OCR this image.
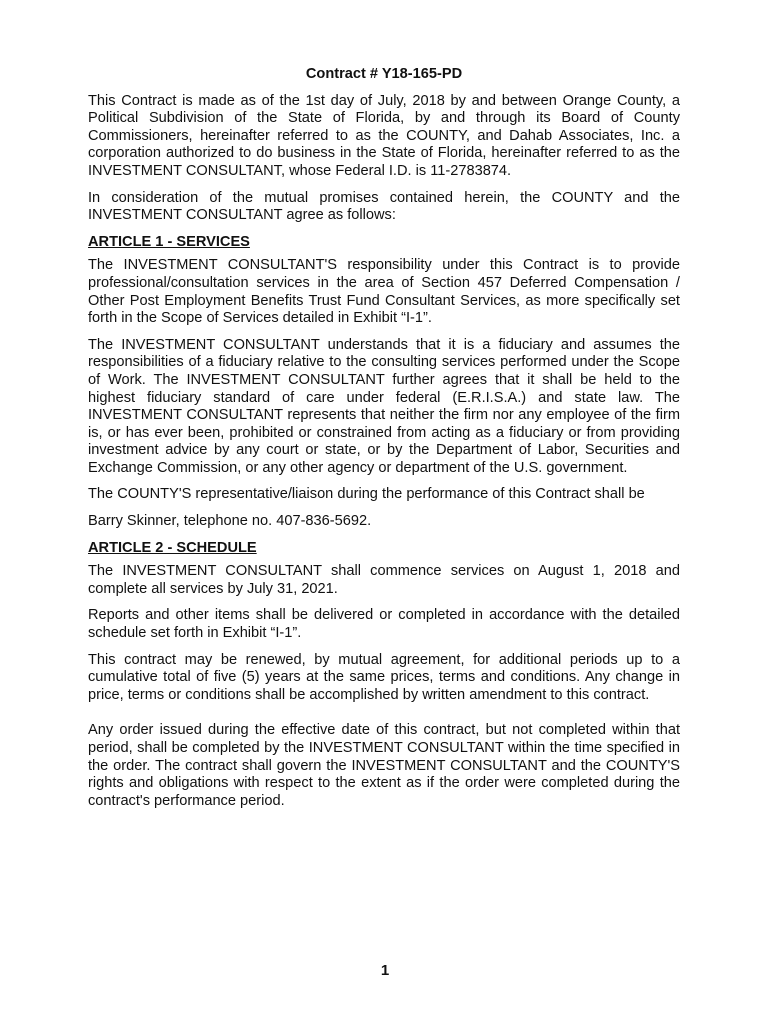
Contract # Y18-165-PD

This Contract is made as of the 1st day of July, 2018 by and between Orange County, a Political Subdivision of the State of Florida, by and through its Board of County Commissioners, hereinafter referred to as the COUNTY, and Dahab Associates, Inc. a corporation authorized to do business in the State of Florida, hereinafter referred to as the INVESTMENT CONSULTANT, whose Federal I.D. is 11-2783874.

In consideration of the mutual promises contained herein, the COUNTY and the INVESTMENT CONSULTANT agree as follows:

ARTICLE 1 - SERVICES

The INVESTMENT CONSULTANT'S responsibility under this Contract is to provide professional/consultation services in the area of Section 457 Deferred Compensation / Other Post Employment Benefits Trust Fund Consultant Services, as more specifically set forth in the Scope of Services detailed in Exhibit “I-1”.

The INVESTMENT CONSULTANT understands that it is a fiduciary and assumes the responsibilities of a fiduciary relative to the consulting services performed under the Scope of Work. The INVESTMENT CONSULTANT further agrees that it shall be held to the highest fiduciary standard of care under federal (E.R.I.S.A.) and state law. The INVESTMENT CONSULTANT represents that neither the firm nor any employee of the firm is, or has ever been, prohibited or constrained from acting as a fiduciary or from providing investment advice by any court or state, or by the Department of Labor, Securities and Exchange Commission, or any other agency or department of the U.S. government.

The COUNTY'S representative/liaison during the performance of this Contract shall be

Barry Skinner, telephone no. 407-836-5692.

ARTICLE 2 - SCHEDULE

The INVESTMENT CONSULTANT shall commence services on August 1, 2018 and complete all services by July 31, 2021.

Reports and other items shall be delivered or completed in accordance with the detailed schedule set forth in Exhibit “I-1”.

This contract may be renewed, by mutual agreement, for additional periods up to a cumulative total of five (5) years at the same prices, terms and conditions. Any change in price, terms or conditions shall be accomplished by written amendment to this contract.

Any order issued during the effective date of this contract, but not completed within that period, shall be completed by the INVESTMENT CONSULTANT within the time specified in the order. The contract shall govern the INVESTMENT CONSULTANT and the COUNTY'S rights and obligations with respect to the extent as if the order were completed during the contract's performance period.

1
